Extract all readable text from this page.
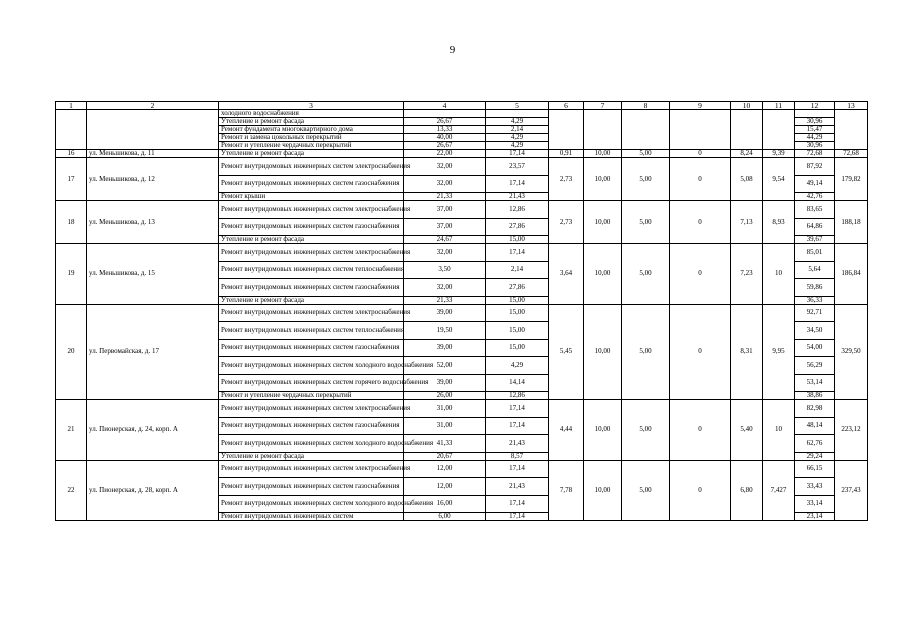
9
1	2	3	4	5	6	7	8	9	10	11	12	13
		холодного водоснабжения										
		Утепление и ремонт фасада	26,67	4,29							30,96	
		Ремонт фундамента многоквартирного дома	13,33	2,14							15,47	
		Ремонт и замена цокольных перекрытий	40,00	4,29							44,29	
		Ремонт и утепление чердачных перекрытий	26,67	4,29							30,96	
16	ул. Меньшикова, д. 11	Утепление и ремонт фасада	22,00	17,14	0,91	10,00	5,00	0	8,24	9,39	72,68	72,68
17	ул. Меньшикова, д. 12	Ремонт внутридомовых инженерных систем электроснабжения	32,00	23,57	2,73	10,00	5,00	0	5,08	9,54	87,92	179,82
		Ремонт внутридомовых инженерных систем газоснабжения	32,00	17,14							49,14	
		Ремонт крыши	21,33	21,43							42,76	
18	ул. Меньшикова, д. 13	Ремонт внутридомовых инженерных систем электроснабжения	37,00	12,86	2,73	10,00	5,00	0	7,13	8,93	83,65	188,18
		Ремонт внутридомовых инженерных систем газоснабжения	37,00	27,86							64,86	
		Утепление и ремонт фасада	24,67	15,00							39,67	
19	ул. Меньшикова, д. 15	Ремонт внутридомовых инженерных систем электроснабжения	32,00	17,14	3,64	10,00	5,00	0	7,23	10	85,01	186,84
		Ремонт внутридомовых инженерных систем теплоснабжения	3,50	2,14							5,64	
		Ремонт внутридомовых инженерных систем газоснабжения	32,00	27,86							59,86	
		Утепление и ремонт фасада	21,33	15,00							36,33	
20	ул. Первомайская, д. 17	Ремонт внутридомовых инженерных систем электроснабжения	39,00	15,00	5,45	10,00	5,00	0	8,31	9,95	92,71	329,50
		Ремонт внутридомовых инженерных систем теплоснабжения	19,50	15,00							34,50	
		Ремонт внутридомовых инженерных систем газоснабжения	39,00	15,00							54,00	
		Ремонт внутридомовых инженерных систем холодного водоснабжения	52,00	4,29							56,29	
		Ремонт внутридомовых инженерных систем горячего водоснабжения	39,00	14,14							53,14	
		Ремонт и утепление чердачных перекрытий	26,00	12,86							38,86	
21	ул. Пионерская, д. 24, корп. А	Ремонт внутридомовых инженерных систем электроснабжения	31,00	17,14	4,44	10,00	5,00	0	5,40	10	82,98	223,12
		Ремонт внутридомовых инженерных систем газоснабжения	31,00	17,14							48,14	
		Ремонт внутридомовых инженерных систем холодного водоснабжения	41,33	21,43							62,76	
		Утепление и ремонт фасада	20,67	8,57							29,24	
22	ул. Пионерская, д. 28, корп. А	Ремонт внутридомовых инженерных систем электроснабжения	12,00	17,14	7,78	10,00	5,00	0	6,80	7,427	66,15	237,43
		Ремонт внутридомовых инженерных систем газоснабжения	12,00	21,43							33,43	
		Ремонт внутридомовых инженерных систем холодного водоснабжения	16,00	17,14							33,14	
		Ремонт внутридомовых инженерных систем	6,00	17,14							23,14	
